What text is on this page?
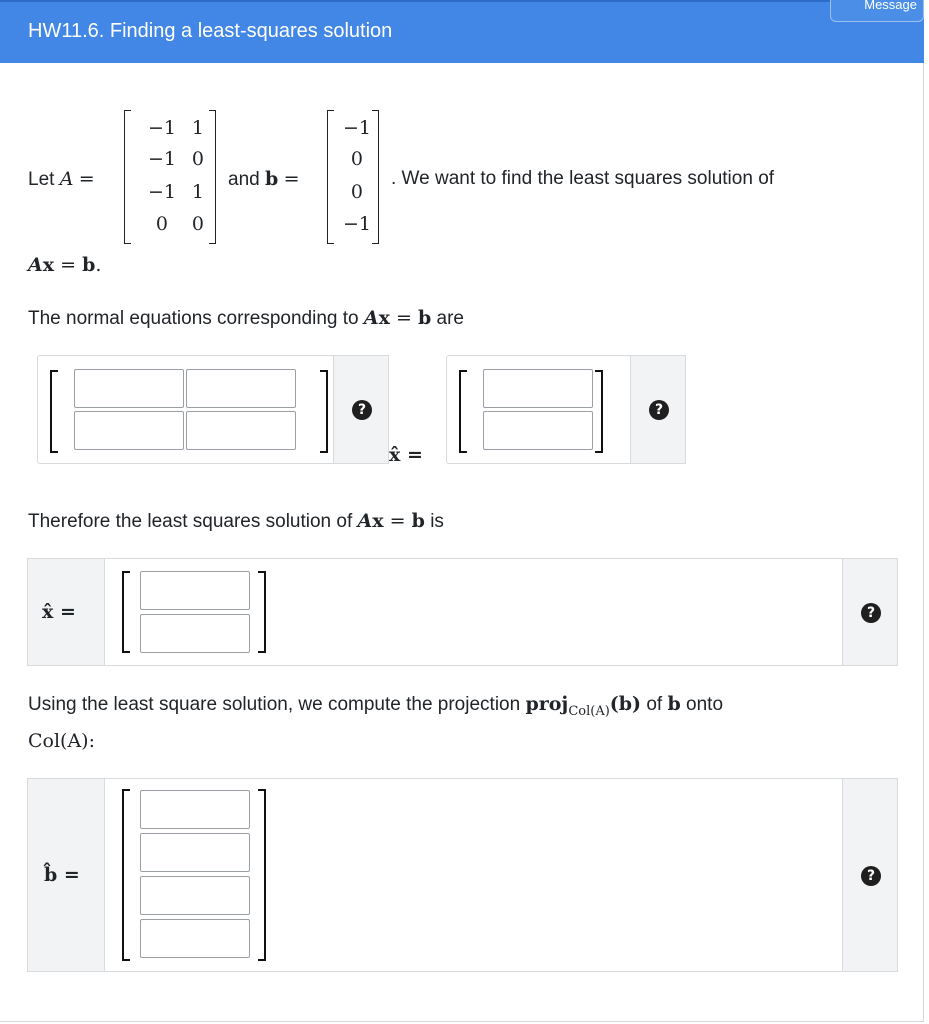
HW11.6. Finding a least-squares solution
Message
Let A =
−1 1
−1 0
−1 1
0	0
and b =
−1
0
0
−1
. We want to find the least squares solution of
Ax = b.
The normal equations corresponding to Ax = b are
?
x̂ =
?
Therefore the least squares solution of Ax = b is
x̂ =	?
Using the least square solution, we compute the projection proj$_{Col(A)}$(b) of b onto
Col(A):
b̂ =	?
